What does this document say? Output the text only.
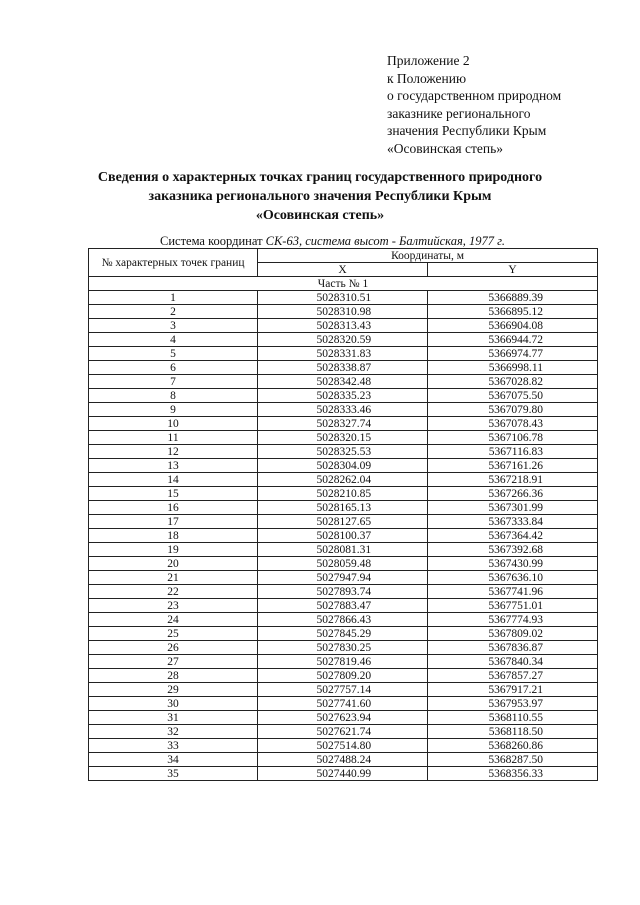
Приложение 2
к Положению
о государственном природном
заказнике регионального
значения Республики Крым
«Осовинская степь»
Сведения о характерных точках границ государственного природного
заказника регионального значения Республики Крым
«Осовинская степь»
Система координат СК-63, система высот - Балтийская, 1977 г.
№ характерных точек границ	Координаты, м	
	X	Y
Часть № 1		
1	5028310.51	5366889.39
2	5028310.98	5366895.12
3	5028313.43	5366904.08
4	5028320.59	5366944.72
5	5028331.83	5366974.77
6	5028338.87	5366998.11
7	5028342.48	5367028.82
8	5028335.23	5367075.50
9	5028333.46	5367079.80
10	5028327.74	5367078.43
11	5028320.15	5367106.78
12	5028325.53	5367116.83
13	5028304.09	5367161.26
14	5028262.04	5367218.91
15	5028210.85	5367266.36
16	5028165.13	5367301.99
17	5028127.65	5367333.84
18	5028100.37	5367364.42
19	5028081.31	5367392.68
20	5028059.48	5367430.99
21	5027947.94	5367636.10
22	5027893.74	5367741.96
23	5027883.47	5367751.01
24	5027866.43	5367774.93
25	5027845.29	5367809.02
26	5027830.25	5367836.87
27	5027819.46	5367840.34
28	5027809.20	5367857.27
29	5027757.14	5367917.21
30	5027741.60	5367953.97
31	5027623.94	5368110.55
32	5027621.74	5368118.50
33	5027514.80	5368260.86
34	5027488.24	5368287.50
35	5027440.99	5368356.33
